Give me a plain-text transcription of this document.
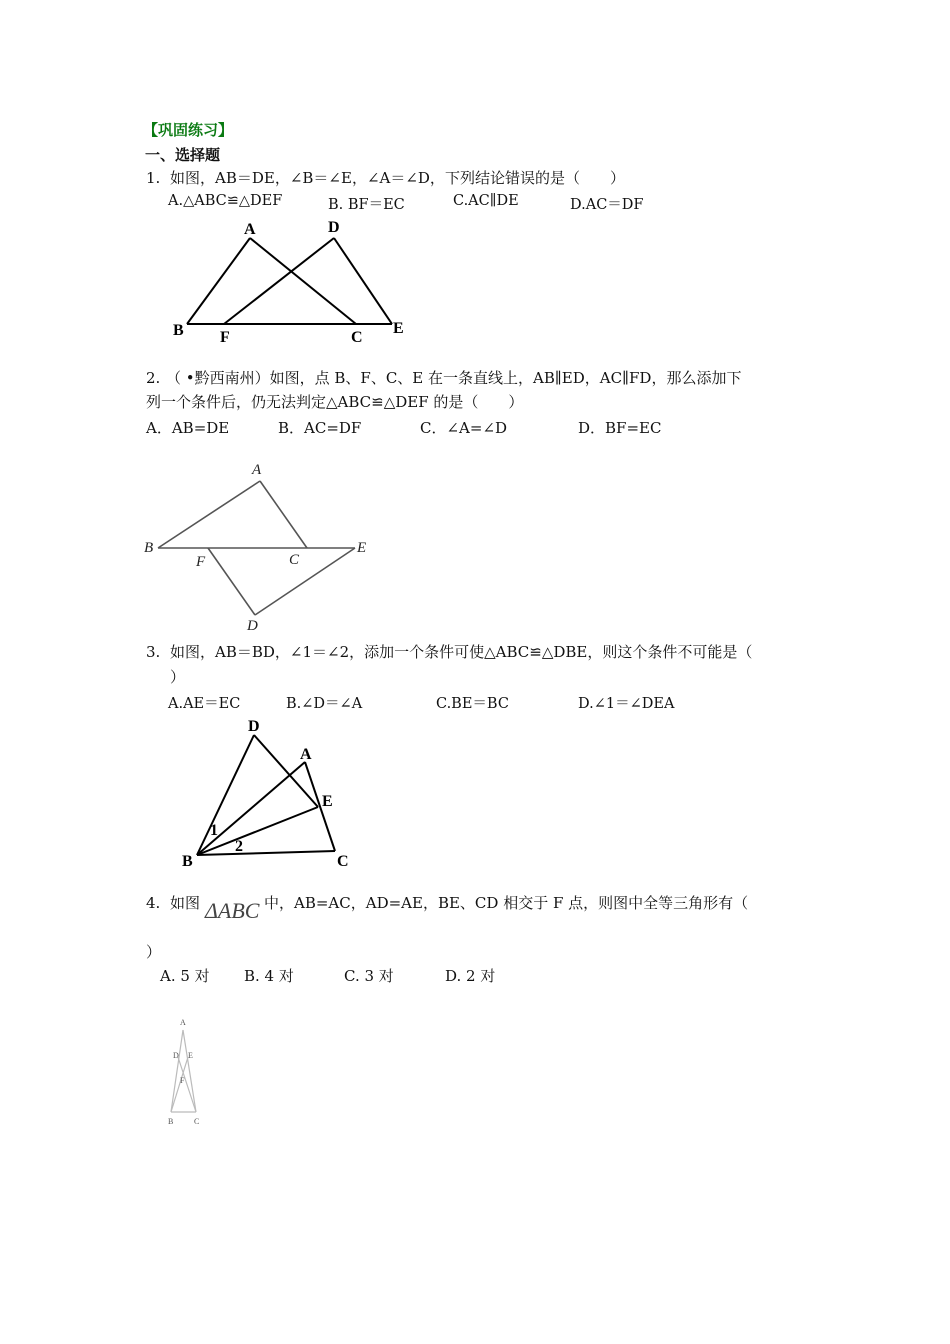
【巩固练习】
一、选择题
1. 如图，AB＝DE，∠B＝∠E，∠A＝∠D，下列结论错误的是（　　）
A.△ABC≌△DEF	B. BF＝EC	C.AC∥DE	D.AC＝DF
A	D
B F	C
E
2. （ •黔西南州）如图，点 B、F、C、E 在一条直线上，AB∥ED，AC∥FD，那么添加下
列一个条件后，仍无法判定△ABC≌△DEF 的是（　　）
A．AB=DE	B．AC=DF	C．∠A=∠D	D．BF=EC
A
B
F	C
E
D
3. 如图，AB＝BD，∠1＝∠2，添加一个条件可使△ABC≌△DBE，则这个条件不可能是（
）
A.AE＝EC	B.∠D＝∠A	C.BE＝BC	D.∠1＝∠DEA
D
A
E
1
2
B	C
4. 如图 ΔABC 中，AB=AC，AD=AE，BE、CD 相交于 F 点，则图中全等三角形有（
）
A. 5 对 B. 4 对	C. 3 对	D. 2 对
A
D E
F
B	C
